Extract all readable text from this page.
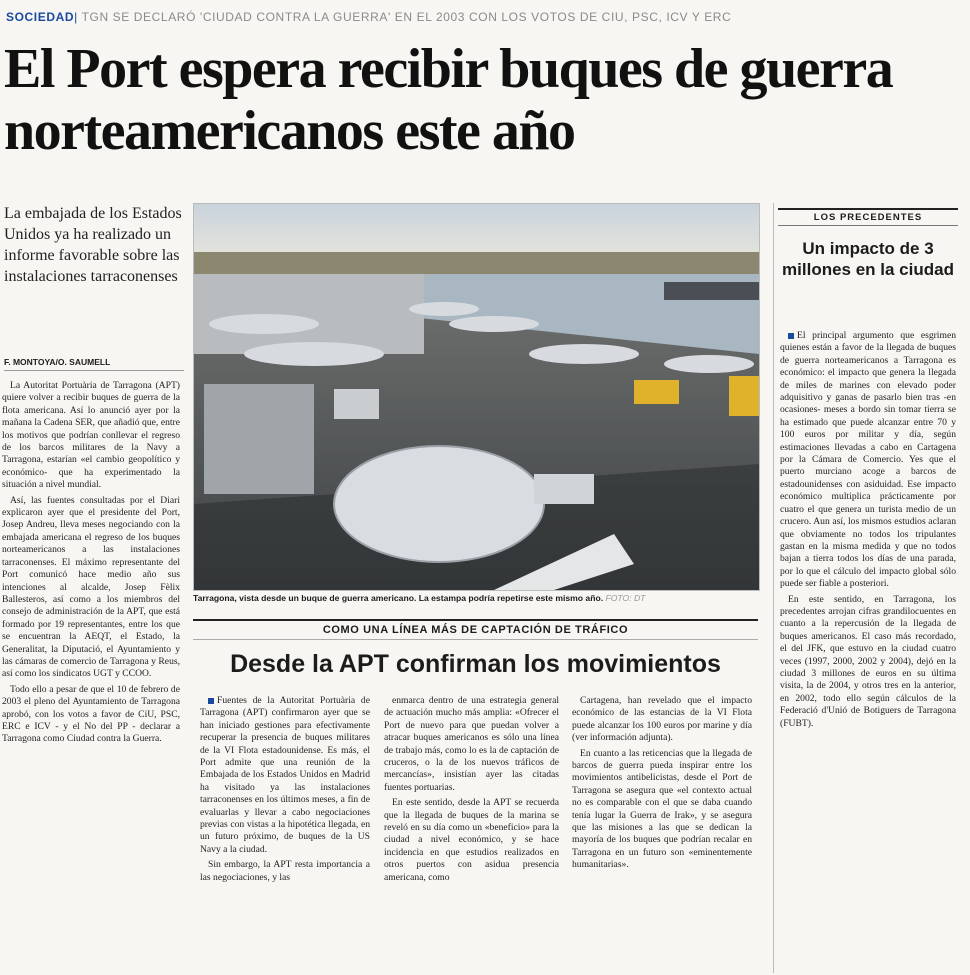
SOCIEDAD| TGN SE DECLARÓ 'CIUDAD CONTRA LA GUERRA' EN EL 2003 CON LOS VOTOS DE CIU, PSC, ICV Y ERC
El Port espera recibir buques de guerra norteamericanos este año
La embajada de los Estados Unidos ya ha realizado un informe favorable sobre las instalaciones tarraconenses
F. MONTOYA/O. SAUMELL

La Autoritat Portuària de Tarragona (APT) quiere volver a recibir buques de guerra de la flota americana. Así lo anunció ayer por la mañana la Cadena SER, que añadió que, entre los motivos que podrían conllevar el regreso de los barcos militares de la Navy a Tarragona, estarían «el cambio geopolítico y económico- que ha experimentado la situación a nivel mundial.

Así, las fuentes consultadas por el Diari explicaron ayer que el presidente del Port, Josep Andreu, lleva meses negociando con la embajada americana el regreso de los buques norteamericanos a las instalaciones tarraconenses. El máximo representante del Port comunicó hace medio año sus intenciones al alcalde, Josep Fèlix Ballesteros, así como a los miembros del consejo de administración de la APT, que está formado por 19 representantes, entre los que se encuentran la AEQT, el Estado, la Generalitat, la Diputació, el Ayuntamiento y las cámaras de comercio de Tarragona y Reus, así como los sindicatos UGT y CCOO.

Todo ello a pesar de que el 10 de febrero de 2003 el pleno del Ayuntamiento de Tarragona aprobó, con los votos a favor de CiU, PSC, ERC e ICV - y el No del PP - declarar a Tarragona como Ciudad contra la Guerra.

Tarragona, vista desde un buque de guerra americano. La estampa podría repetirse este mismo año. FOTO: DT
COMO UNA LÍNEA MÁS DE CAPTACIÓN DE TRÁFICO
Desde la APT confirman los movimientos

Fuentes de la Autoritat Portuària de Tarragona (APT) confirmaron ayer que se han iniciado gestiones para efectivamente recuperar la presencia de buques militares de la VI Flota estadounidense. Es más, el Port admite que una reunión de la Embajada de los Estados Unidos en Madrid ha visitado ya las instalaciones tarraconenses en los últimos meses, a fin de evaluarlas y llevar a cabo negociaciones previas con vistas a la hipotética llegada, en un futuro próximo, de buques de la US Navy a la ciudad.

Sin embargo, la APT resta importancia a las negociaciones, y las

enmarca dentro de una estrategia general de actuación mucho más amplia: «Ofrecer el Port de nuevo para que puedan volver a atracar buques americanos es sólo una línea de trabajo más, como lo es la de captación de cruceros, o la de los nuevos tráficos de mercancías», insistían ayer las citadas fuentes portuarias.

En este sentido, desde la APT se recuerda que la llegada de buques de la marina se reveló en su día como un «beneficio» para la ciudad a nivel económico, y se hace incidencia en que estudios realizados en otros puertos con asidua presencia americana, como

Cartagena, han revelado que el impacto económico de las estancias de la VI Flota puede alcanzar los 100 euros por marine y día (ver información adjunta).

En cuanto a las reticencias que la llegada de barcos de guerra pueda inspirar entre los movimientos antibelicistas, desde el Port de Tarragona se asegura que «el contexto actual no es comparable con el que se daba cuando tenía lugar la Guerra de Irak», y se asegura que las misiones a las que se dedican la mayoría de los buques que podrían recalar en Tarragona en un futuro son «eminentemente humanitarias».

LOS PRECEDENTES
Un impacto de 3 millones en la ciudad

El principal argumento que esgrimen quienes están a favor de la llegada de buques de guerra norteamericanos a Tarragona es económico: el impacto que genera la llegada de miles de marines con elevado poder adquisitivo y ganas de pasarlo bien tras -en ocasiones- meses a bordo sin tomar tierra se ha estimado que puede alcanzar entre 70 y 100 euros por militar y día, según estimaciones llevadas a cabo en Cartagena por la Cámara de Comercio. Yes que el puerto murciano acoge a barcos de estadounidenses con asiduidad. Ese impacto económico multiplica prácticamente por cuatro el que genera un turista medio de un crucero. Aun así, los mismos estudios aclaran que obviamente no todos los tripulantes gastan en la misma medida y que no todos bajan a tierra todos los días de una parada, por lo que el cálculo del impacto global sólo puede ser fiable a posteriori.

En este sentido, en Tarragona, los precedentes arrojan cifras grandilocuentes en cuanto a la repercusión de la llegada de buques americanos. El caso más recordado, el del JFK, que estuvo en la ciudad cuatro veces (1997, 2000, 2002 y 2004), dejó en la ciudad 3 millones de euros en su última visita, la de 2004, y otros tres en la anterior, en 2002, todo ello según cálculos de la Federació d'Unió de Botiguers de Tarragona (FUBT).
